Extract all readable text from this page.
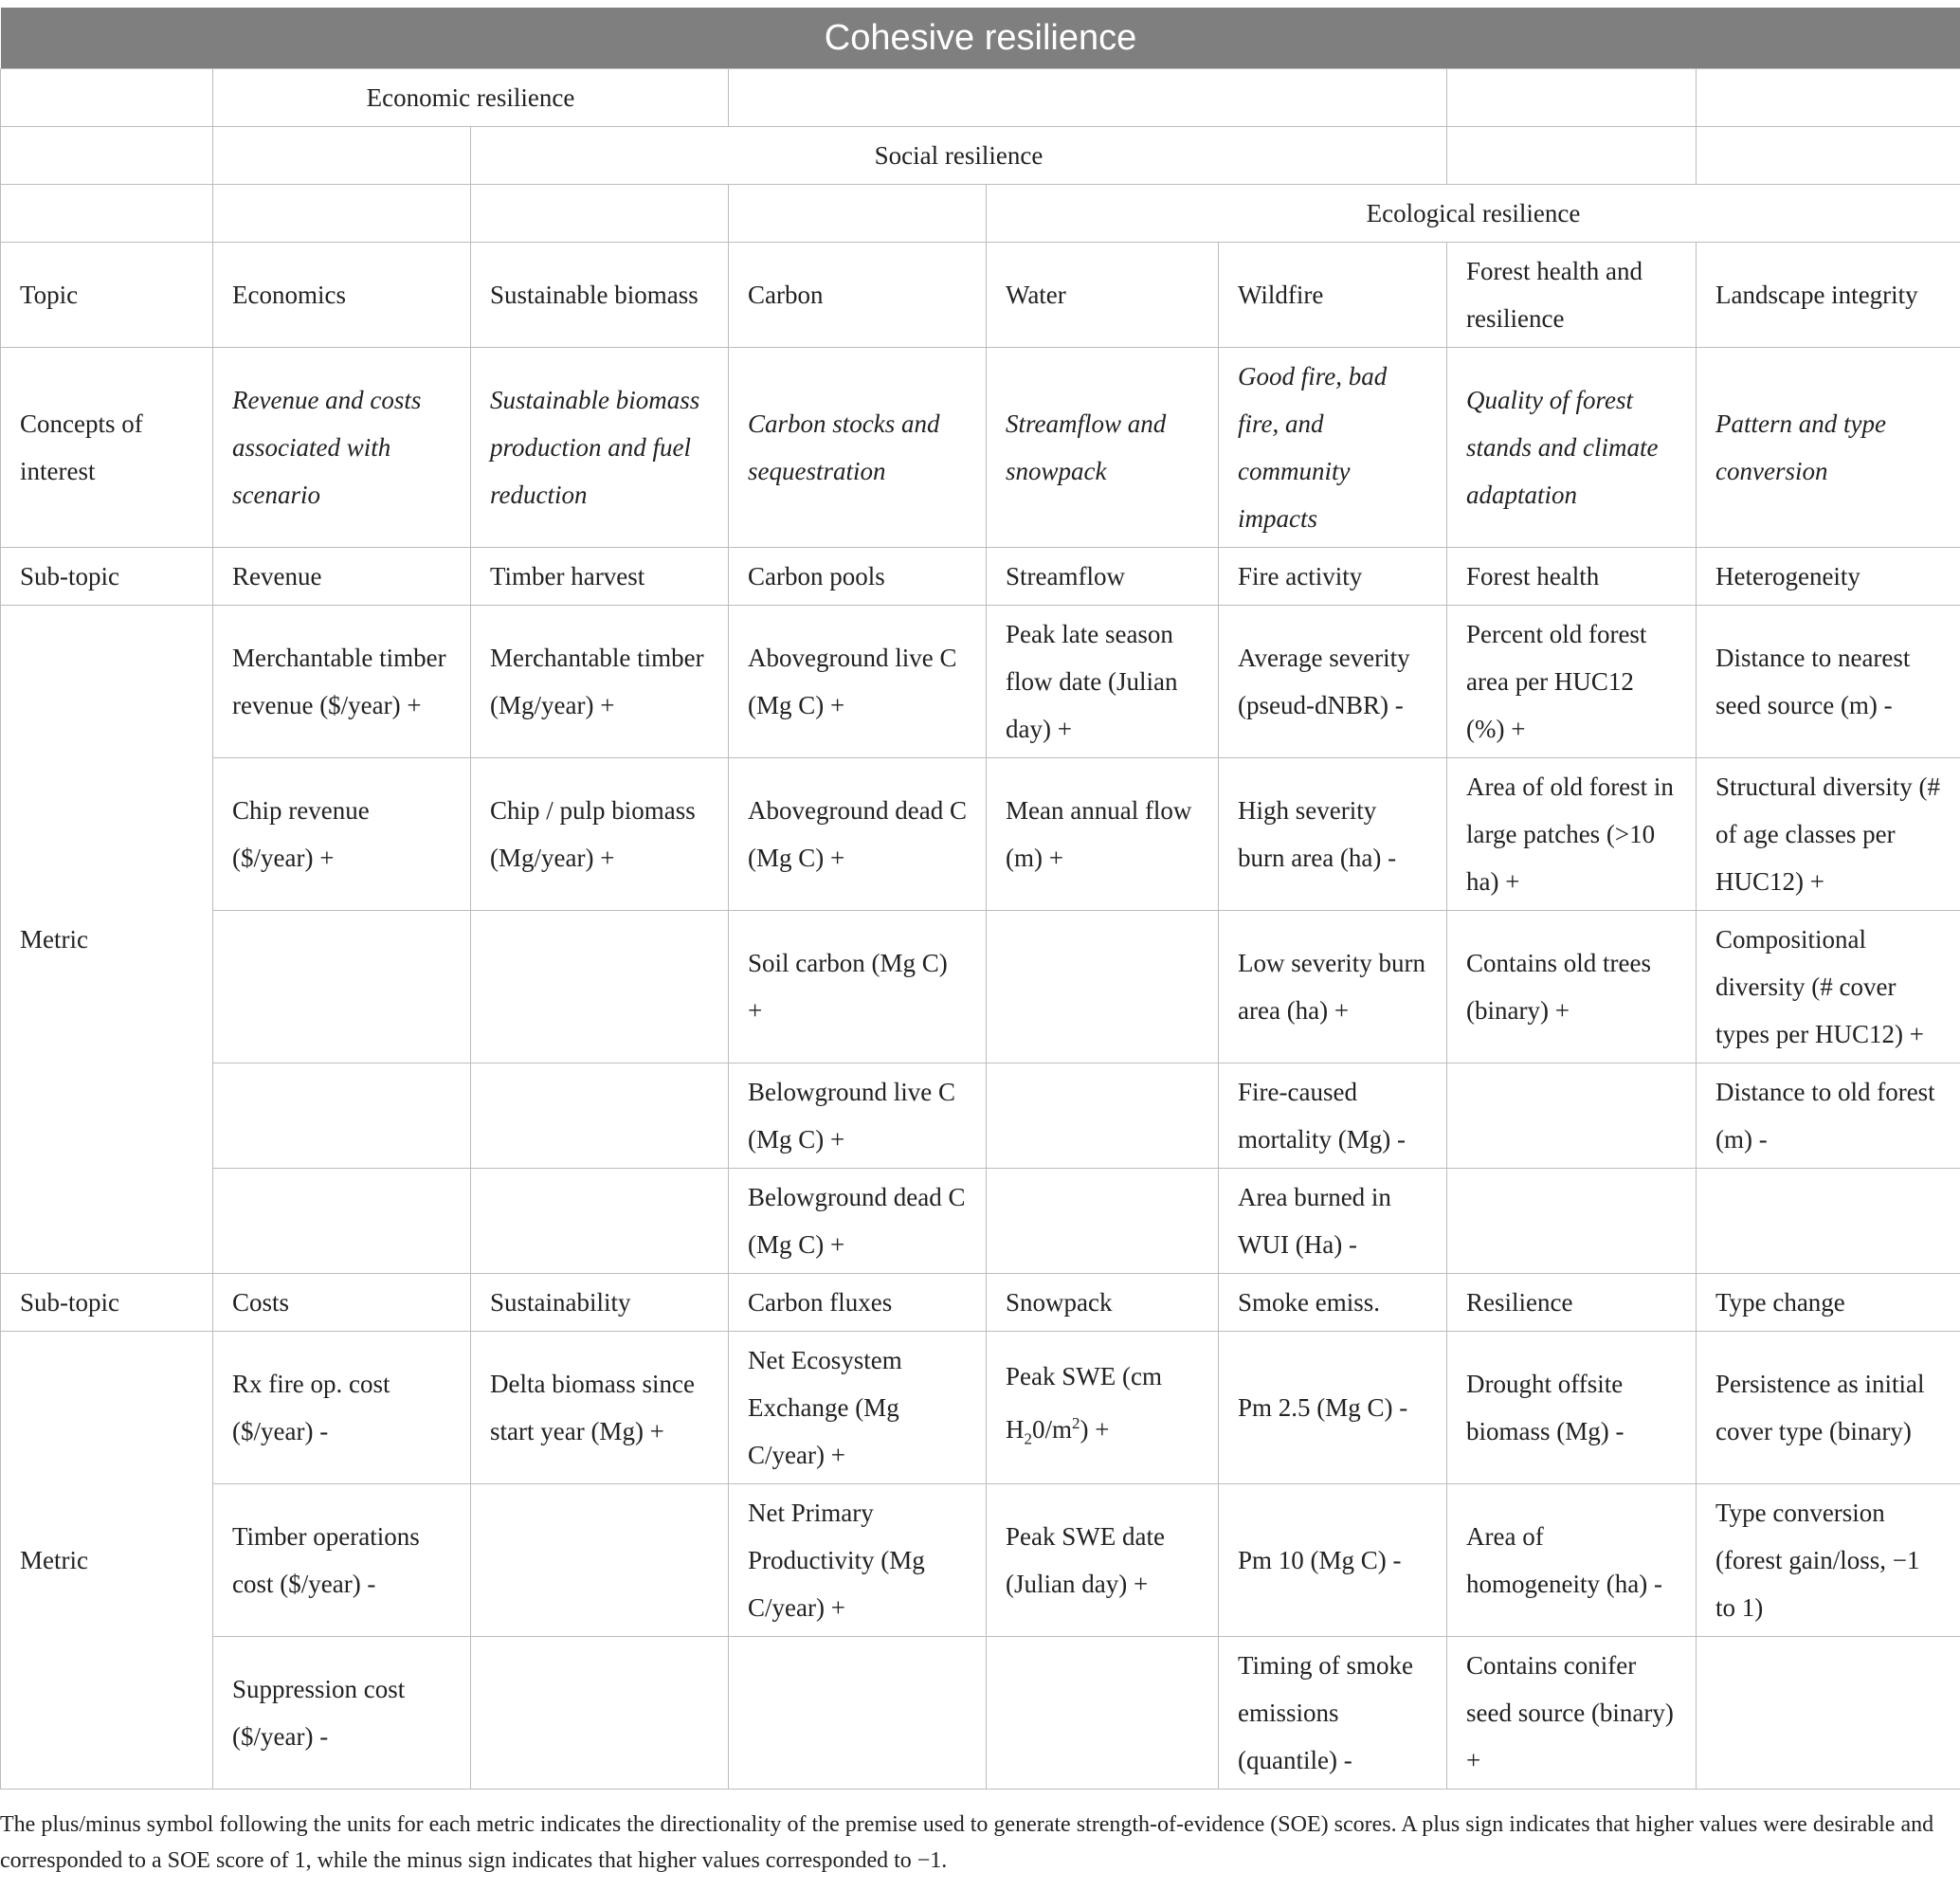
Cohesive resilience							
	Economic resilience						
		Social resilience					
				Ecological resilience			
Topic	Economics	Sustainable biomass	Carbon	Water	Wildfire	Forest health and resilience	Landscape integrity
Concepts of interest	Revenue and costs associated with scenario	Sustainable biomass production and fuel reduction	Carbon stocks and sequestration	Streamflow and snowpack	Good fire, bad fire, and community impacts	Quality of forest stands and climate adaptation	Pattern and type conversion
Sub-topic	Revenue	Timber harvest	Carbon pools	Streamflow	Fire activity	Forest health	Heterogeneity
Metric	Merchantable timber revenue ($/year) +	Merchantable timber (Mg/year) +	Aboveground live C (Mg C) +	Peak late season flow date (Julian day) +	Average severity (pseud-dNBR) -	Percent old forest area per HUC12 (%) +	Distance to nearest seed source (m) -
	Chip revenue ($/year) +	Chip / pulp biomass (Mg/year) +	Aboveground dead C (Mg C) +	Mean annual flow (m) +	High severity burn area (ha) -	Area of old forest in large patches (>10 ha) +	Structural diversity (# of age classes per HUC12) +
			Soil carbon (Mg C) +		Low severity burn area (ha) +	Contains old trees (binary) +	Compositional diversity (# cover types per HUC12) +
			Belowground live C (Mg C) +		Fire-caused mortality (Mg) -		Distance to old forest (m) -
			Belowground dead C (Mg C) +		Area burned in WUI (Ha) -		
Sub-topic	Costs	Sustainability	Carbon fluxes	Snowpack	Smoke emiss.	Resilience	Type change
Metric	Rx fire op. cost ($/year) -	Delta biomass since start year (Mg) +	Net Ecosystem Exchange (Mg C/year) +	Peak SWE (cm $H_20/m^2$) +	Pm 2.5 (Mg C) -	Drought offsite biomass (Mg) -	Persistence as initial cover type (binary)
	Timber operations cost ($/year) -		Net Primary Productivity (Mg C/year) +	Peak SWE date (Julian day) +	Pm 10 (Mg C) -	Area of homogeneity (ha) -	Type conversion (forest gain/loss, −1 to 1)
	Suppression cost ($/year) -				Timing of smoke emissions (quantile) -	Contains conifer seed source (binary) +	
The plus/minus symbol following the units for each metric indicates the directionality of the premise used to generate strength-of-evidence (SOE) scores. A plus sign indicates that higher values were desirable and corresponded to a SOE score of 1, while the minus sign indicates that higher values corresponded to −1.
